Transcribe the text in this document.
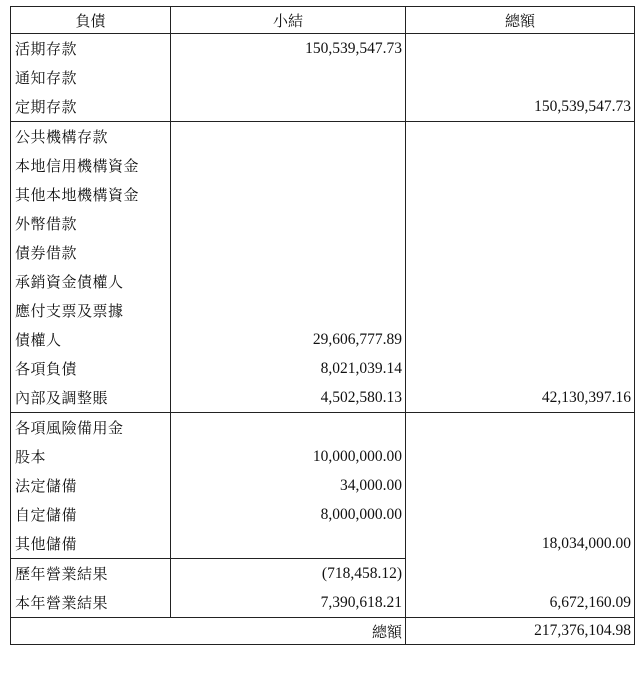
負債	小結	總額
活期存款	150,539,547.73	
通知存款		
定期存款		150,539,547.73
公共機構存款		
本地信用機構資金		
其他本地機構資金		
外幣借款		
債券借款		
承銷資金債權人		
應付支票及票據		
債權人	29,606,777.89	
各項負債	8,021,039.14	
內部及調整賬	4,502,580.13	42,130,397.16
各項風險備用金		
股本	10,000,000.00	
法定儲備	34,000.00	
自定儲備	8,000,000.00	
其他儲備		18,034,000.00
歷年營業結果	(718,458.12)	
本年營業結果	7,390,618.21	6,672,160.09
總額		217,376,104.98
